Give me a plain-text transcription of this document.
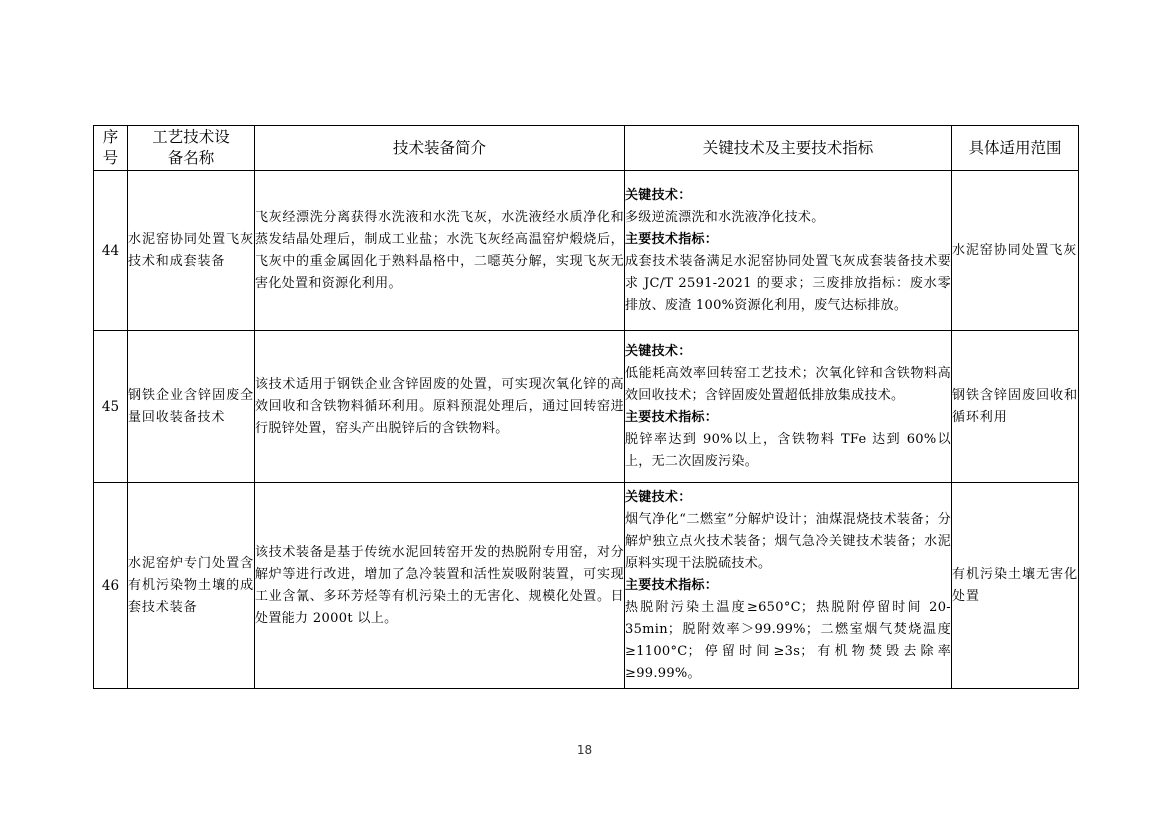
序号	工艺技术设备名称	技术装备简介	关键技术及主要技术指标	具体适用范围
44	水泥窑协同处置飞灰技术和成套装备	飞灰经漂洗分离获得水洗液和水洗飞灰，水洗液经水质净化和蒸发结晶处理后，制成工业盐；水洗飞灰经高温窑炉煅烧后，飞灰中的重金属固化于熟料晶格中，二噁英分解，实现飞灰无害化处置和资源化利用。	关键技术：
多级逆流漂洗和水洗液净化技术。
主要技术指标：
成套技术装备满足水泥窑协同处置飞灰成套装备技术要求 JC/T 2591-2021 的要求；三废排放指标：废水零排放、废渣 100%资源化利用，废气达标排放。	水泥窑协同处置飞灰
45	钢铁企业含锌固废全量回收装备技术	该技术适用于钢铁企业含锌固废的处置，可实现次氧化锌的高效回收和含铁物料循环利用。原料预混处理后，通过回转窑进行脱锌处置，窑头产出脱锌后的含铁物料。	关键技术：
低能耗高效率回转窑工艺技术；次氧化锌和含铁物料高效回收技术；含锌固废处置超低排放集成技术。
主要技术指标：
脱锌率达到 90%以上，含铁物料 TFe 达到 60%以上，无二次固废污染。	钢铁含锌固废回收和循环利用
46	水泥窑炉专门处置含有机污染物土壤的成套技术装备	该技术装备是基于传统水泥回转窑开发的热脱附专用窑，对分解炉等进行改进，增加了急冷装置和活性炭吸附装置，可实现工业含氰、多环芳烃等有机污染土的无害化、规模化处置。日处置能力 2000t 以上。	关键技术：
烟气净化“二燃室”分解炉设计；油煤混烧技术装备；分解炉独立点火技术装备；烟气急冷关键技术装备；水泥原料实现干法脱硫技术。
主要技术指标：
热脱附污染土温度≥650°C；热脱附停留时间 20-35min；脱附效率＞99.99%；二燃室烟气焚烧温度≥1100°C；停留时间≥3s；有机物焚毁去除率≥99.99%。	有机污染土壤无害化处置
18
